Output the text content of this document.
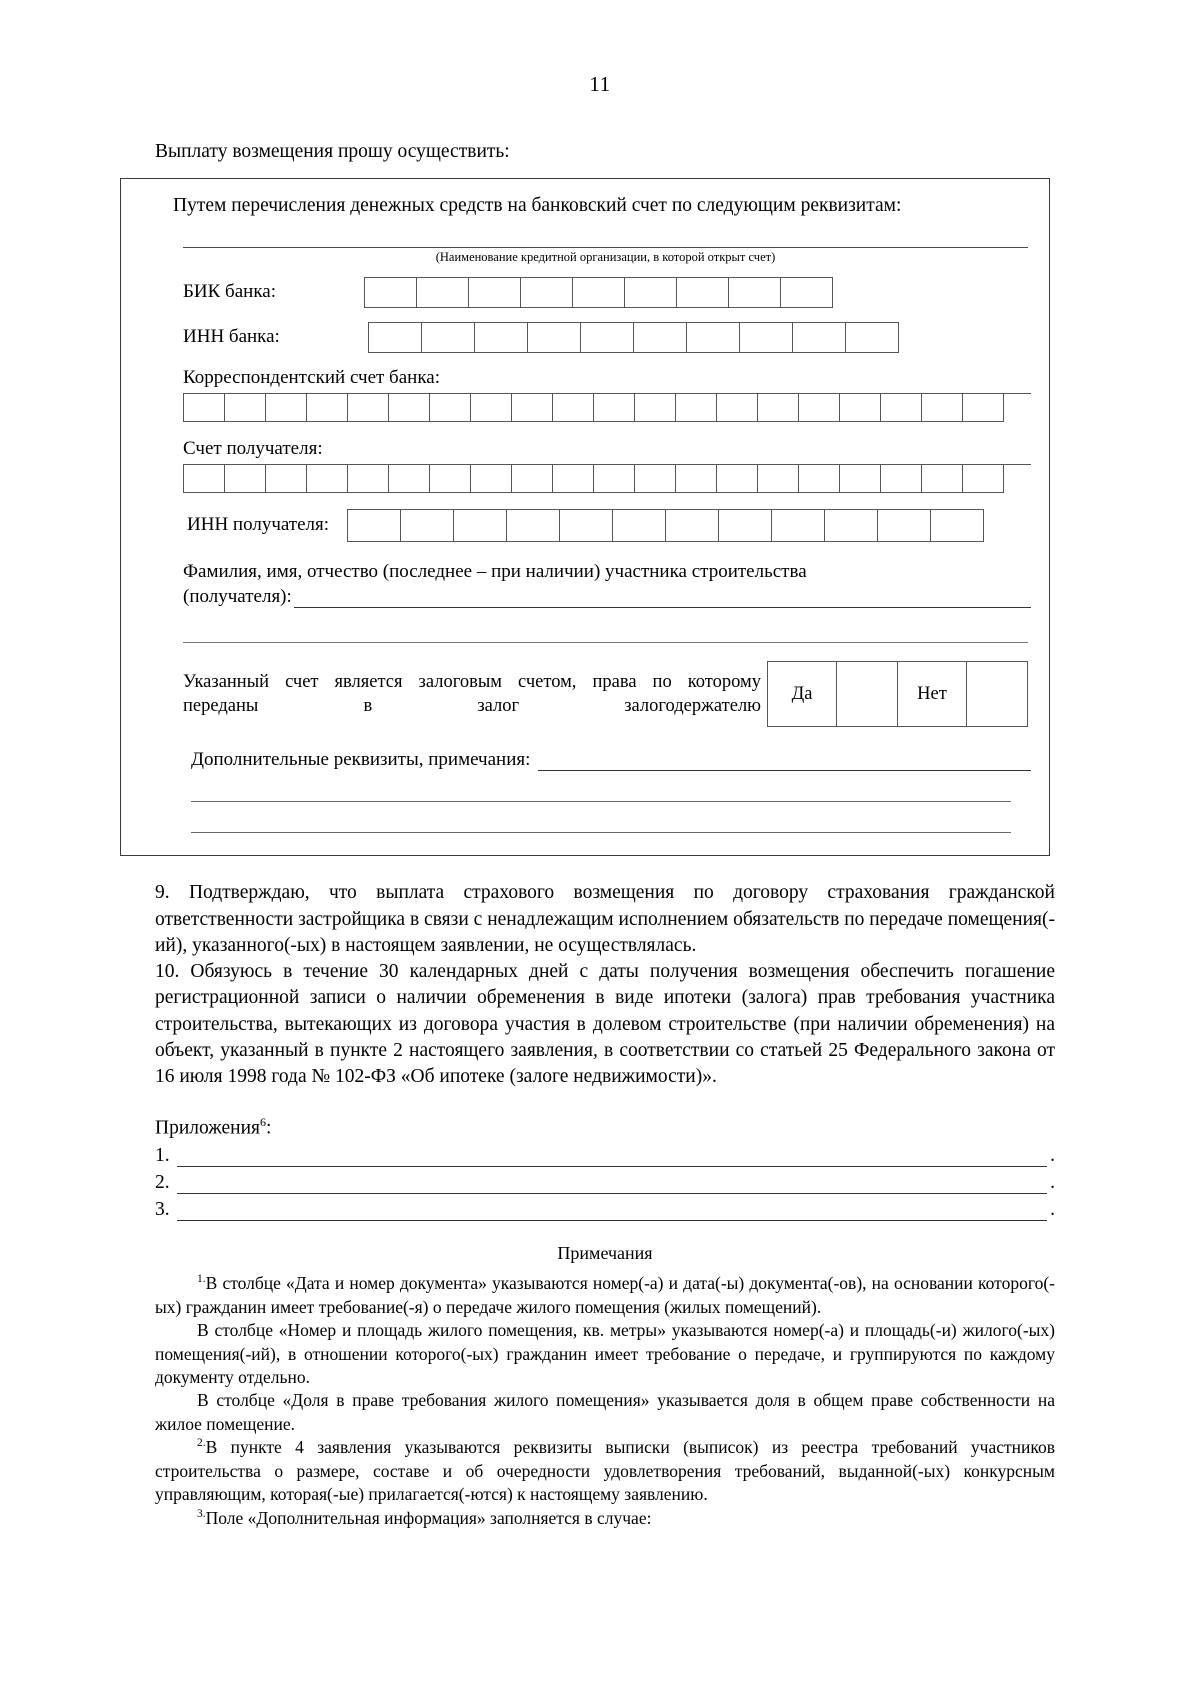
11

Выплату возмещения прошу осуществить:

Путем перечисления денежных средств на банковский счет по следующим реквизитам:
(Наименование кредитной организации, в которой открыт счет)
БИК банка:
ИНН банка:
Корреспондентский счет банка:
Счет получателя:
ИНН получателя:
Фамилия, имя, отчество (последнее – при наличии) участника строительства
(получателя):
Указанный счет является залоговым счетом, права по которому переданы в залог залогодержателю	Да		Нет	
Дополнительные реквизиты, примечания:

9. Подтверждаю, что выплата страхового возмещения по договору страхования гражданской ответственности застройщика в связи с ненадлежащим исполнением обязательств по передаче помещения(-ий), указанного(-ых) в настоящем заявлении, не осуществлялась.

10. Обязуюсь в течение 30 календарных дней с даты получения возмещения обеспечить погашение регистрационной записи о наличии обременения в виде ипотеки (залога) прав требования участника строительства, вытекающих из договора участия в долевом строительстве (при наличии обременения) на объект, указанный в пункте 2 настоящего заявления, в соответствии со статьей 25 Федерального закона от 16 июля 1998 года № 102-ФЗ «Об ипотеке (залоге недвижимости)».

Приложения$^6$:
1.	.
2.	.
3.	.
Примечания

$^{1.}$В столбце «Дата и номер документа» указываются номер(-а) и дата(-ы) документа(-ов), на основании которого(-ых) гражданин имеет требование(-я) о передаче жилого помещения (жилых помещений).

В столбце «Номер и площадь жилого помещения, кв. метры» указываются номер(-а) и площадь(-и) жилого(-ых) помещения(-ий), в отношении которого(-ых) гражданин имеет требование о передаче, и группируются по каждому документу отдельно.

В столбце «Доля в праве требования жилого помещения» указывается доля в общем праве собственности на жилое помещение.

$^{2.}$В пункте 4 заявления указываются реквизиты выписки (выписок) из реестра требований участников строительства о размере, составе и об очередности удовлетворения требований, выданной(-ых) конкурсным управляющим, которая(-ые) прилагается(-ются) к настоящему заявлению.

$^{3.}$Поле «Дополнительная информация» заполняется в случае:
